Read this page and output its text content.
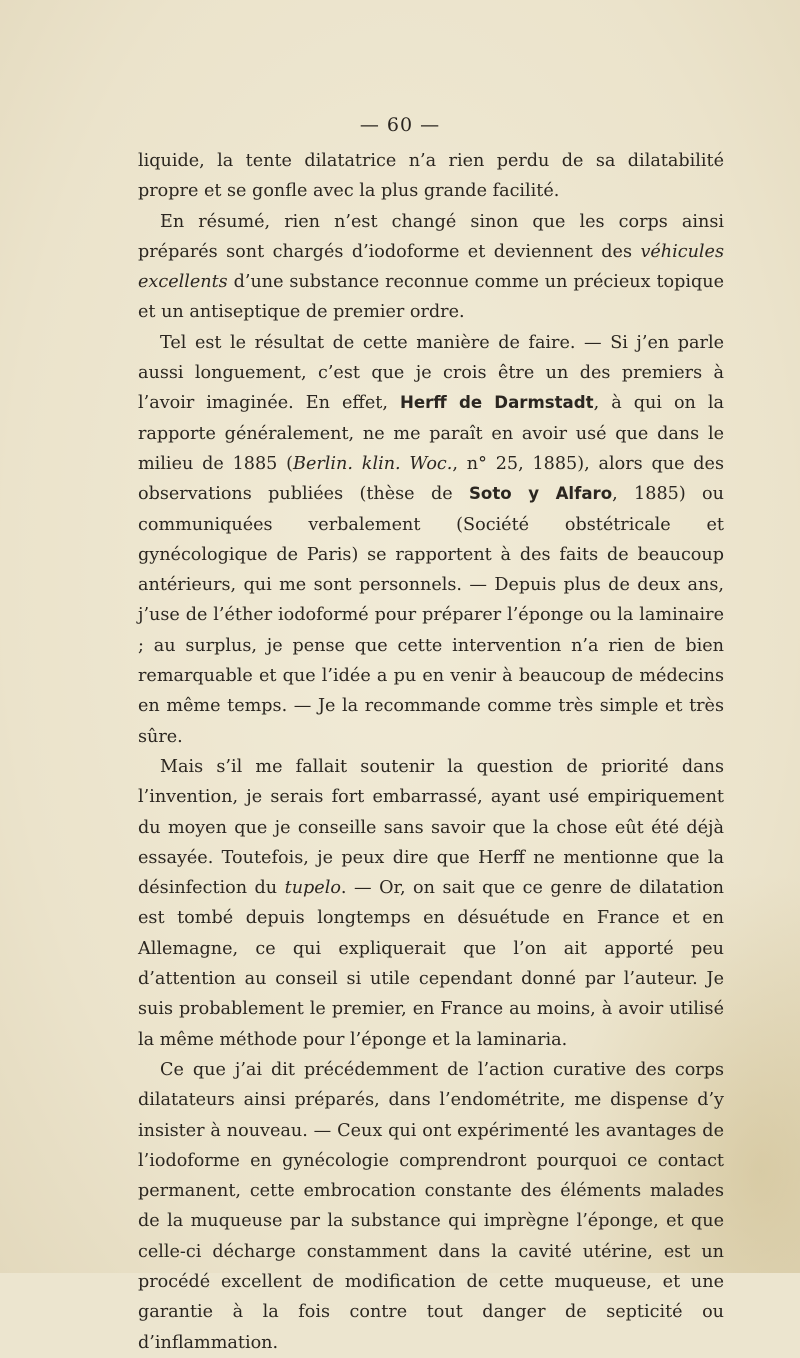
— 60 —

liquide, la tente dilatatrice n’a rien perdu de sa dilatabilité propre et se gonfle avec la plus grande facilité.

En résumé, rien n’est changé sinon que les corps ainsi préparés sont chargés d’iodoforme et deviennent des véhicules excellents d’une substance reconnue comme un précieux topique et un antiseptique de premier ordre.

Tel est le résultat de cette manière de faire. — Si j’en parle aussi longuement, c’est que je crois être un des premiers à l’avoir imaginée. En effet, Herff de Darmstadt, à qui on la rapporte généralement, ne me paraît en avoir usé que dans le milieu de 1885 (Berlin. klin. Woc., n° 25, 1885), alors que des observations publiées (thèse de Soto y Alfaro, 1885) ou communiquées verbalement (Société obstétricale et gynécologique de Paris) se rapportent à des faits de beaucoup antérieurs, qui me sont personnels. — Depuis plus de deux ans, j’use de l’éther iodoformé pour préparer l’éponge ou la laminaire ; au surplus, je pense que cette intervention n’a rien de bien remarquable et que l’idée a pu en venir à beaucoup de médecins en même temps. — Je la recommande comme très simple et très sûre.

Mais s’il me fallait soutenir la question de priorité dans l’invention, je serais fort embarrassé, ayant usé empiriquement du moyen que je conseille sans savoir que la chose eût été déjà essayée. Toutefois, je peux dire que Herff ne mentionne que la désinfection du tupelo. — Or, on sait que ce genre de dilatation est tombé depuis longtemps en désuétude en France et en Allemagne, ce qui expliquerait que l’on ait apporté peu d’attention au conseil si utile cependant donné par l’auteur. Je suis probablement le premier, en France au moins, à avoir utilisé la même méthode pour l’éponge et la laminaria.

Ce que j’ai dit précédemment de l’action curative des corps dilatateurs ainsi préparés, dans l’endométrite, me dispense d’y insister à nouveau. — Ceux qui ont expérimenté les avantages de l’iodoforme en gynécologie comprendront pourquoi ce contact permanent, cette embrocation constante des éléments malades de la muqueuse par la substance qui imprègne l’éponge, et que celle-ci décharge constamment dans la cavité utérine, est un procédé excellent de modification de cette muqueuse, et une garantie à la fois contre tout danger de septicité ou d’inflammation.
